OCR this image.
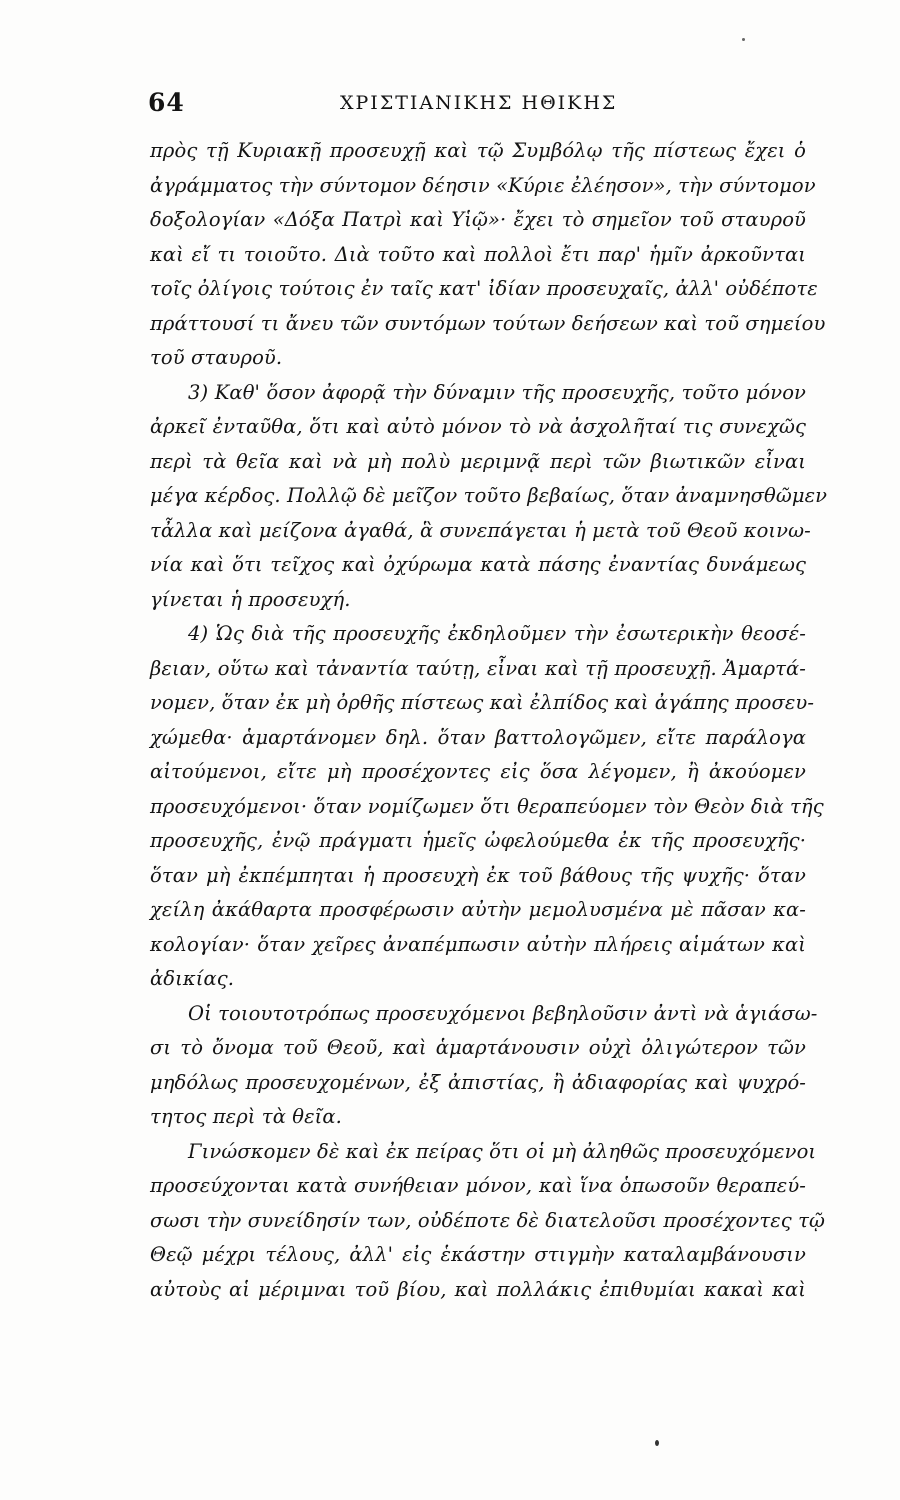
64	ΧΡΙΣΤΙΑΝΙΚΗΣ ΗΘΙΚΗΣ
πρὸς τῇ Κυριακῇ προσευχῇ καὶ τῷ Συμβόλῳ τῆς πίστεως ἔχει ὁ
ἀγράμματος τὴν σύντομον δέησιν «Κύριε ἐλέησον», τὴν σύντομον
δοξολογίαν «Δόξα Πατρὶ καὶ Υἱῷ»· ἔχει τὸ σημεῖον τοῦ σταυροῦ
καὶ εἴ τι τοιοῦτο. Διὰ τοῦτο καὶ πολλοὶ ἔτι παρ' ἡμῖν ἀρκοῦνται
τοῖς ὀλίγοις τούτοις ἐν ταῖς κατ' ἰδίαν προσευχαῖς, ἀλλ' οὐδέποτε
πράττουσί τι ἄνευ τῶν συντόμων τούτων δεήσεων καὶ τοῦ σημείου
τοῦ σταυροῦ.
3) Καθ' ὅσον ἀφορᾷ τὴν δύναμιν τῆς προσευχῆς, τοῦτο μόνον
ἀρκεῖ ἐνταῦθα, ὅτι καὶ αὐτὸ μόνον τὸ νὰ ἀσχολῆταί τις συνεχῶς
περὶ τὰ θεῖα καὶ νὰ μὴ πολὺ μεριμνᾷ περὶ τῶν βιωτικῶν εἶναι
μέγα κέρδος. Πολλῷ δὲ μεῖζον τοῦτο βεβαίως, ὅταν ἀναμνησθῶμεν
τἆλλα καὶ μείζονα ἀγαθά, ἃ συνεπάγεται ἡ μετὰ τοῦ Θεοῦ κοινω-
νία καὶ ὅτι τεῖχος καὶ ὀχύρωμα κατὰ πάσης ἐναντίας δυνάμεως
γίνεται ἡ προσευχή.
4) Ὡς διὰ τῆς προσευχῆς ἐκδηλοῦμεν τὴν ἐσωτερικὴν θεοσέ-
βειαν, οὕτω καὶ τἀναντία ταύτῃ, εἶναι καὶ τῇ προσευχῇ. Ἁμαρτά-
νομεν, ὅταν ἐκ μὴ ὀρθῆς πίστεως καὶ ἐλπίδος καὶ ἀγάπης προσευ-
χώμεθα· ἁμαρτάνομεν δηλ. ὅταν βαττολογῶμεν, εἴτε παράλογα
αἰτούμενοι, εἴτε μὴ προσέχοντες εἰς ὅσα λέγομεν, ἢ ἀκούομεν
προσευχόμενοι· ὅταν νομίζωμεν ὅτι θεραπεύομεν τὸν Θεὸν διὰ τῆς
προσευχῆς, ἐνῷ πράγματι ἡμεῖς ὠφελούμεθα ἐκ τῆς προσευχῆς·
ὅταν μὴ ἐκπέμπηται ἡ προσευχὴ ἐκ τοῦ βάθους τῆς ψυχῆς· ὅταν
χείλη ἀκάθαρτα προσφέρωσιν αὐτὴν μεμολυσμένα μὲ πᾶσαν κα-
κολογίαν· ὅταν χεῖρες ἀναπέμπωσιν αὐτὴν πλήρεις αἱμάτων καὶ
ἀδικίας.
Οἱ τοιουτοτρόπως προσευχόμενοι βεβηλοῦσιν ἀντὶ νὰ ἁγιάσω-
σι τὸ ὄνομα τοῦ Θεοῦ, καὶ ἁμαρτάνουσιν οὐχὶ ὀλιγώτερον τῶν
μηδόλως προσευχομένων, ἐξ ἀπιστίας, ἢ ἀδιαφορίας καὶ ψυχρό-
τητος περὶ τὰ θεῖα.
Γινώσκομεν δὲ καὶ ἐκ πείρας ὅτι οἱ μὴ ἀληθῶς προσευχόμενοι
προσεύχονται κατὰ συνήθειαν μόνον, καὶ ἵνα ὁπωσοῦν θεραπεύ-
σωσι τὴν συνείδησίν των, οὐδέποτε δὲ διατελοῦσι προσέχοντες τῷ
Θεῷ μέχρι τέλους, ἀλλ' εἰς ἑκάστην στιγμὴν καταλαμβάνουσιν
αὐτοὺς αἱ μέριμναι τοῦ βίου, καὶ πολλάκις ἐπιθυμίαι κακαὶ καὶ
